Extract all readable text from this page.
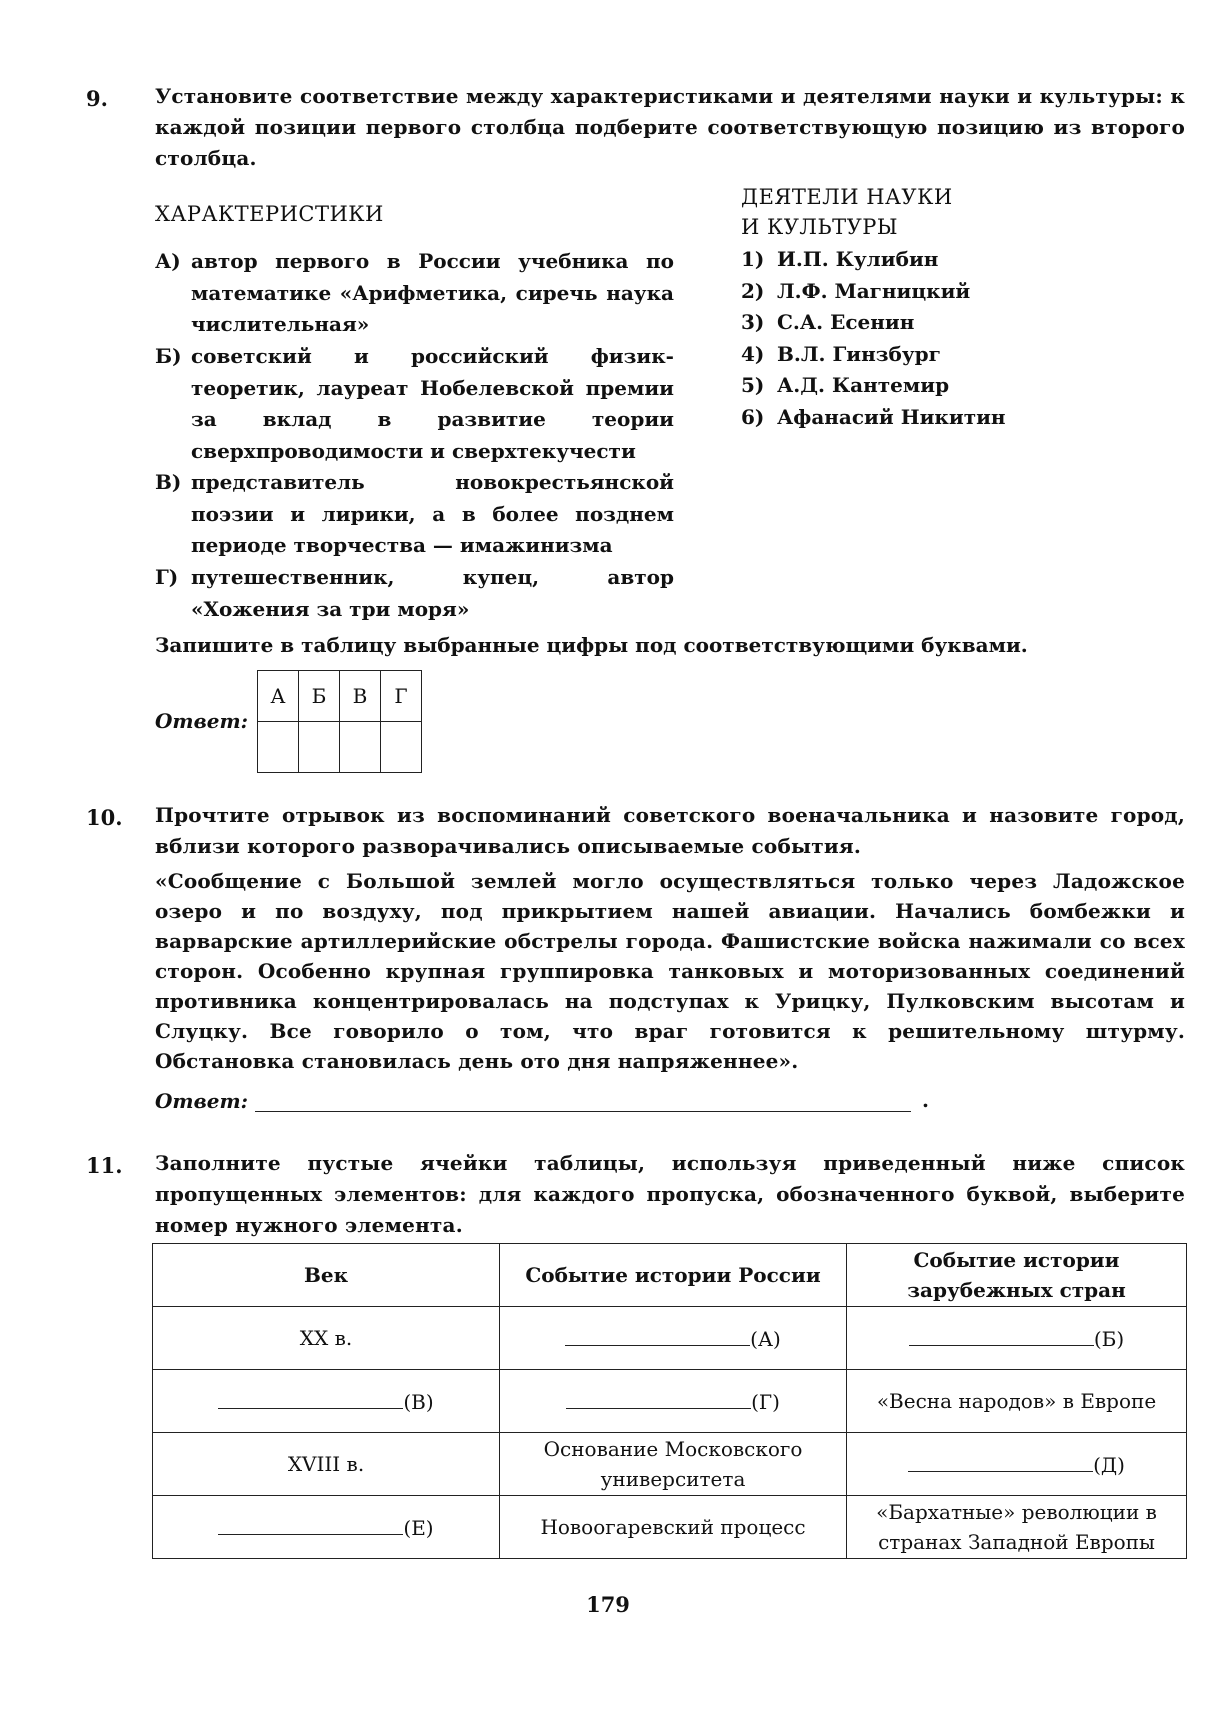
9. Установите соответствие между характеристиками и деятелями науки и культуры: к каждой позиции первого столбца подберите соответствующую позицию из второго столбца.
ХАРАКТЕРИСТИКИ
ДЕЯТЕЛИ НАУКИ
И КУЛЬТУРЫ
А) автор первого в России учебника по математике «Арифметика, сиречь наука числительная»
Б) советский и российский физик-теоретик, лауреат Нобелевской премии за вклад в развитие теории сверхпроводимости и сверхтекучести
В) представитель новокрестьянской поэзии и лирики, а в более позднем периоде творчества — имажинизма
Г) путешественник, купец, автор «Хожения за три моря»
1) И.П. Кулибин
2) Л.Ф. Магницкий
3) С.А. Есенин
4) В.Л. Гинзбург
5) А.Д. Кантемир
6) Афанасий Никитин
Запишите в таблицу выбранные цифры под соответствующими буквами.
Ответ:
А	Б	В	Г

10. Прочтите отрывок из воспоминаний советского военачальника и назовите город, вблизи которого разворачивались описываемые события.
«Сообщение с Большой землей могло осуществляться только через Ладожское озеро и по воздуху, под прикрытием нашей авиации. Начались бомбежки и варварские артиллерийские обстрелы города. Фашистские войска нажимали со всех сторон. Особенно крупная группировка танковых и моторизованных соединений противника концентрировалась на подступах к Урицку, Пулковским высотам и Слуцку. Все говорило о том, что враг готовится к решительному штурму. Обстановка становилась день ото дня напряженнее».
Ответ:	.
11. Заполните пустые ячейки таблицы, используя приведенный ниже список пропущенных элементов: для каждого пропуска, обозначенного буквой, выберите номер нужного элемента.
Век	Событие истории России	Событие истории зарубежных стран
XX в.	(А)	(Б)
(В)	(Г)	«Весна народов» в Европе
XVIII в.	Основание Московского университета	(Д)
(Е)	Новоогаревский процесс	«Бархатные» революции в странах Западной Европы
179
